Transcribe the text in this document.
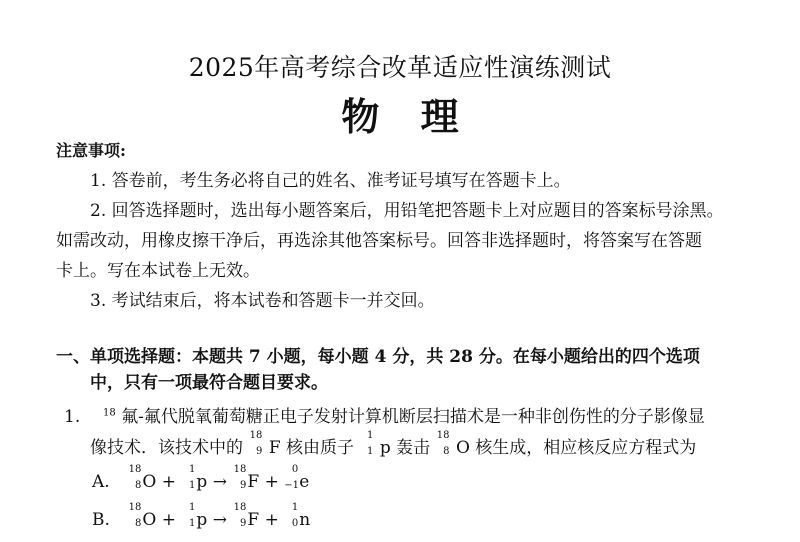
2025年高考综合改革适应性演练测试
物 理
注意事项:
1. 答卷前，考生务必将自己的姓名、准考证号填写在答题卡上。
2. 回答选择题时，选出每小题答案后，用铅笔把答题卡上对应题目的答案标号涂黑。
如需改动，用橡皮擦干净后，再选涂其他答案标号。回答非选择题时，将答案写在答题
卡上。写在本试卷上无效。
3. 考试结束后，将本试卷和答题卡一并交回。
一、单项选择题：本题共 7 小题，每小题 4 分，共 28 分。在每小题给出的四个选项
中，只有一项最符合题目要求。
1. $^{18}$ 氟-氟代脱氧葡萄糖正电子发射计算机断层扫描术是一种非创伤性的分子影像显
像技术．该技术中的
18
9 F 核由质子
1
1 p 轰击
18
8 O 核生成，相应核反应方程式为
A.
18
8 O +
1
1 p →
18
9 F +
0
−1 e
B.
18
8 O +
1
1 p →
18
9 F +
1
0 n
